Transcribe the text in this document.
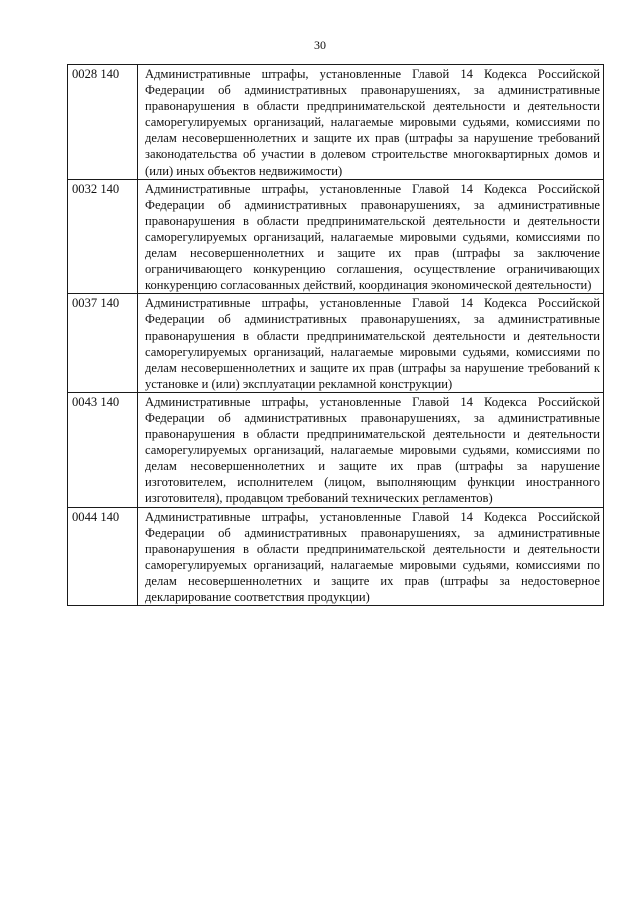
30
0028 140	Административные штрафы, установленные Главой 14 Кодекса Российской Федерации об административных правонарушениях, за административные правонарушения в области предпринимательской деятельности и деятельности саморегулируемых организаций, налагаемые мировыми судьями, комиссиями по делам несовершеннолетних и защите их прав (штрафы за нарушение требований законодательства об участии в долевом строительстве многоквартирных домов и (или) иных объектов недвижимости)
0032 140	Административные штрафы, установленные Главой 14 Кодекса Российской Федерации об административных правонарушениях, за административные правонарушения в области предпринимательской деятельности и деятельности саморегулируемых организаций, налагаемые мировыми судьями, комиссиями по делам несовершеннолетних и защите их прав (штрафы за заключение ограничивающего конкуренцию соглашения, осуществление ограничивающих конкуренцию согласованных действий, координация экономической деятельности)
0037 140	Административные штрафы, установленные Главой 14 Кодекса Российской Федерации об административных правонарушениях, за административные правонарушения в области предпринимательской деятельности и деятельности саморегулируемых организаций, налагаемые мировыми судьями, комиссиями по делам несовершеннолетних и защите их прав (штрафы за нарушение требований к установке и (или) эксплуатации рекламной конструкции)
0043 140	Административные штрафы, установленные Главой 14 Кодекса Российской Федерации об административных правонарушениях, за административные правонарушения в области предпринимательской деятельности и деятельности саморегулируемых организаций, налагаемые мировыми судьями, комиссиями по делам несовершеннолетних и защите их прав (штрафы за нарушение изготовителем, исполнителем (лицом, выполняющим функции иностранного изготовителя), продавцом требований технических регламентов)
0044 140	Административные штрафы, установленные Главой 14 Кодекса Российской Федерации об административных правонарушениях, за административные правонарушения в области предпринимательской деятельности и деятельности саморегулируемых организаций, налагаемые мировыми судьями, комиссиями по делам несовершеннолетних и защите их прав (штрафы за недостоверное декларирование соответствия продукции)
